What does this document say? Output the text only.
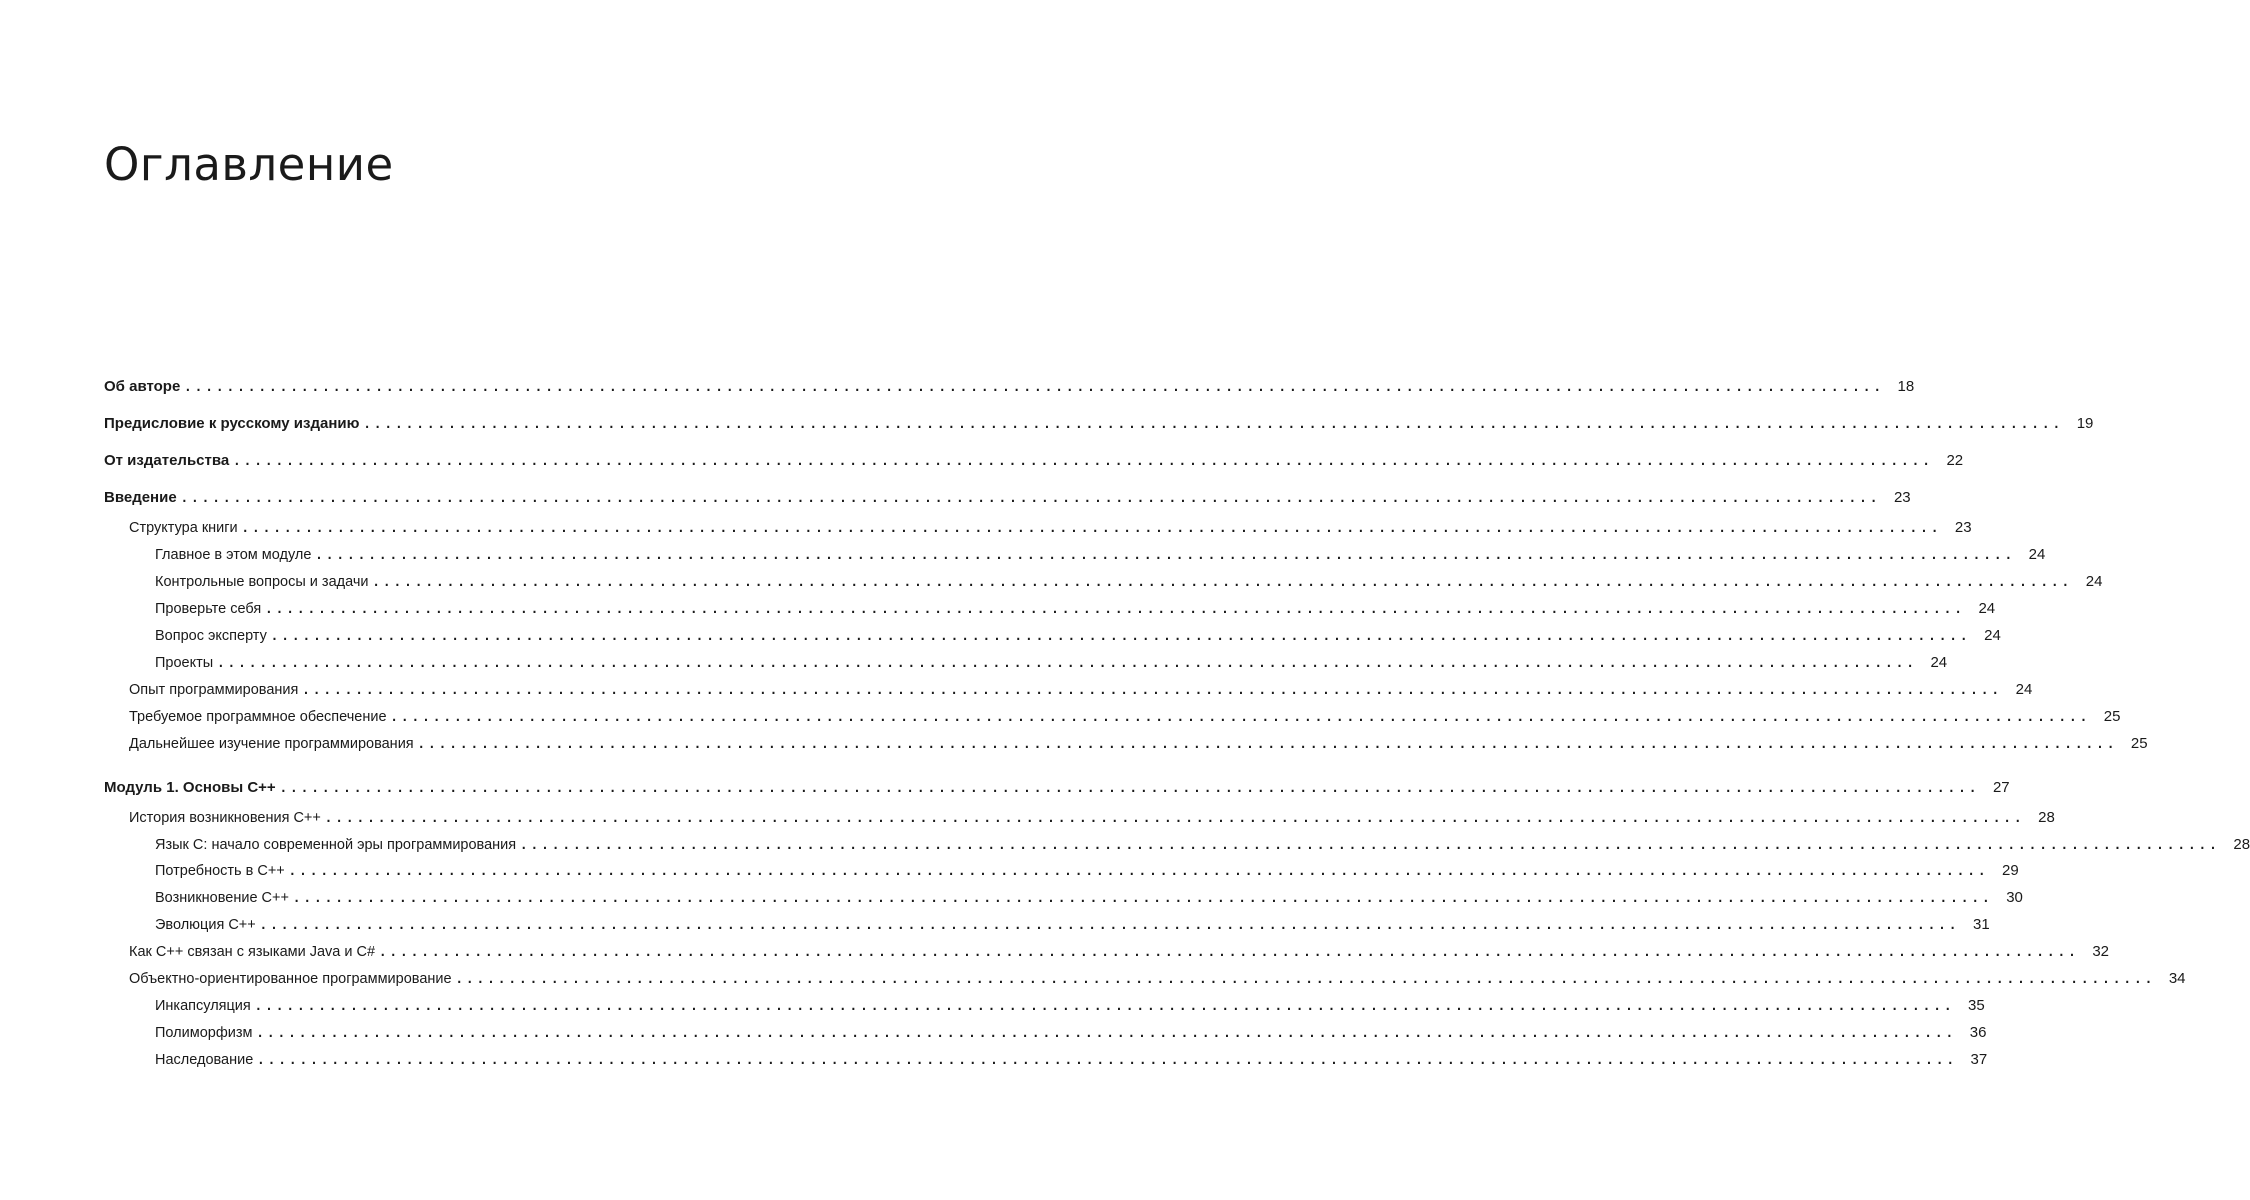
Оглавление
Об авторе ................................................................................................................................................................ 18
Предисловие к русскому изданию ................................................................................................................................................................ 19
От издательства ................................................................................................................................................................ 22
Введение ................................................................................................................................................................ 23
Структура книги ................................................................................................................................................................ 23
Главное в этом модуле ................................................................................................................................................................ 24
Контрольные вопросы и задачи ................................................................................................................................................................ 24
Проверьте себя ................................................................................................................................................................ 24
Вопрос эксперту ................................................................................................................................................................ 24
Проекты ................................................................................................................................................................ 24
Опыт программирования ................................................................................................................................................................ 24
Требуемое программное обеспечение ................................................................................................................................................................ 25
Дальнейшее изучение программирования ................................................................................................................................................................ 25
Модуль 1. Основы C++ ................................................................................................................................................................ 27
История возникновения C++ ................................................................................................................................................................ 28
Язык C: начало современной эры программирования ................................................................................................................................................................ 28
Потребность в C++ ................................................................................................................................................................ 29
Возникновение C++ ................................................................................................................................................................ 30
Эволюция C++ ................................................................................................................................................................ 31
Как C++ связан с языками Java и C# ................................................................................................................................................................ 32
Объектно-ориентированное программирование ................................................................................................................................................................ 34
Инкапсуляция ................................................................................................................................................................ 35
Полиморфизм ................................................................................................................................................................ 36
Наследование ................................................................................................................................................................ 37
